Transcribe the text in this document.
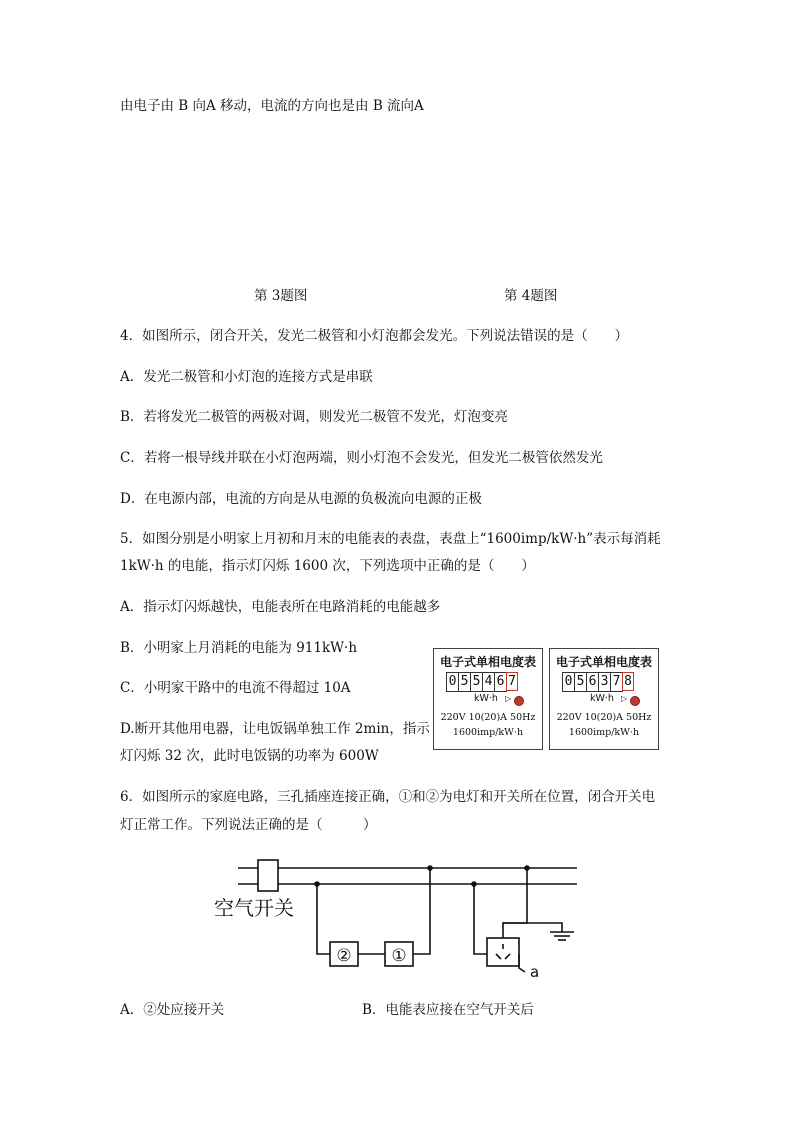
由电子由 B 向A 移动，电流的方向也是由 B 流向A
第 3题图	第 4题图
4．如图所示，闭合开关，发光二极管和小灯泡都会发光。下列说法错误的是（　　）
A．发光二极管和小灯泡的连接方式是串联
B．若将发光二极管的两极对调，则发光二极管不发光，灯泡变亮
C．若将一根导线并联在小灯泡两端，则小灯泡不会发光，但发光二极管依然发光
D．在电源内部，电流的方向是从电源的负极流向电源的正极
5．如图分别是小明家上月初和月末的电能表的表盘，表盘上“1600imp/kW·h”表示每消耗
1kW·h 的电能，指示灯闪烁 1600 次，下列选项中正确的是（　　）
A．指示灯闪烁越快，电能表所在电路消耗的电能越多
B．小明家上月消耗的电能为 911kW·h
C．小明家干路中的电流不得超过 10A
D.断开其他用电器，让电饭锅单独工作 2min，指示
灯闪烁 32 次，此时电饭锅的功率为 600W
电子式单相电度表
0 5 5 4 6 7
kW·h ▷
220V 10(20)A 50Hz
1600imp/kW·h
电子式单相电度表
0 5 6 3 7 8
kW·h ▷
220V 10(20)A 50Hz
1600imp/kW·h
6．如图所示的家庭电路，三孔插座连接正确，①和②为电灯和开关所在位置，闭合开关电
灯正常工作。下列说法正确的是（　　　）
空气开关
② ①
a
A．②处应接开关	B．电能表应接在空气开关后
